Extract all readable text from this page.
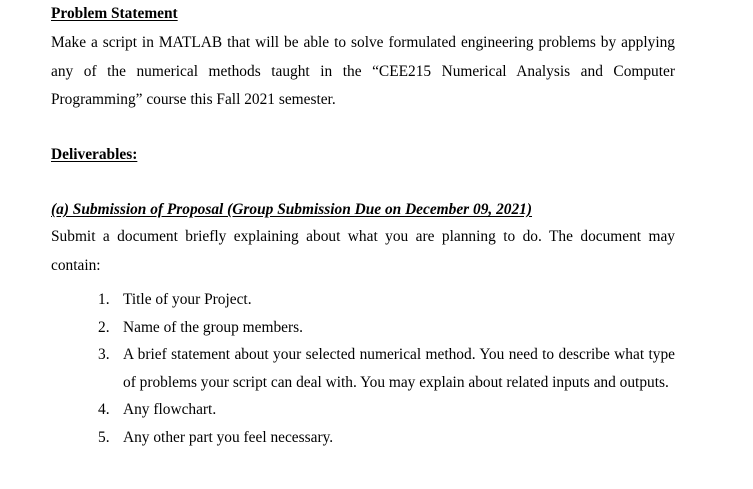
Problem Statement
Make a script in MATLAB that will be able to solve formulated engineering problems by applying any of the numerical methods taught in the “CEE215 Numerical Analysis and Computer Programming” course this Fall 2021 semester.
Deliverables:
(a) Submission of Proposal (Group Submission Due on December 09, 2021)
Submit a document briefly explaining about what you are planning to do. The document may contain:
1. Title of your Project.
2. Name of the group members.
3. A brief statement about your selected numerical method. You need to describe what type of problems your script can deal with. You may explain about related inputs and outputs.
4. Any flowchart.
5. Any other part you feel necessary.
